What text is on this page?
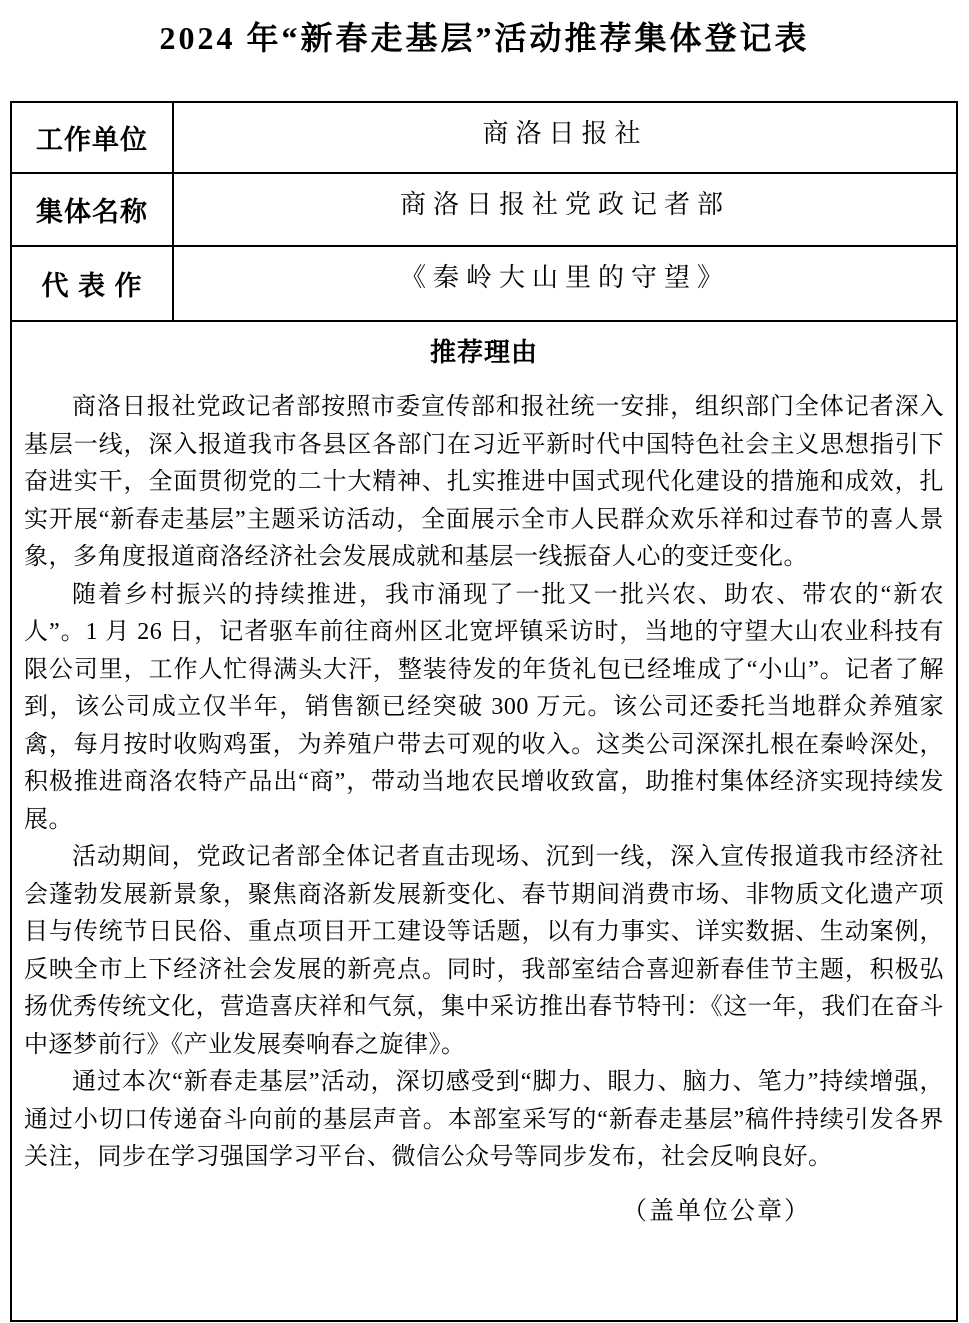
2024 年“新春走基层”活动推荐集体登记表
工作单位	商洛日报社
集体名称	商洛日报社党政记者部
代 表 作	《秦岭大山里的守望》

推荐理由

商洛日报社党政记者部按照市委宣传部和报社统一安排，组织部门全体记者深入基层一线，深入报道我市各县区各部门在习近平新时代中国特色社会主义思想指引下奋进实干，全面贯彻党的二十大精神、扎实推进中国式现代化建设的措施和成效，扎实开展“新春走基层”主题采访活动，全面展示全市人民群众欢乐祥和过春节的喜人景象，多角度报道商洛经济社会发展成就和基层一线振奋人心的变迁变化。

随着乡村振兴的持续推进，我市涌现了一批又一批兴农、助农、带农的“新农人”。1 月 26 日，记者驱车前往商州区北宽坪镇采访时，当地的守望大山农业科技有限公司里，工作人忙得满头大汗，整装待发的年货礼包已经堆成了“小山”。记者了解到，该公司成立仅半年，销售额已经突破 300 万元。该公司还委托当地群众养殖家禽，每月按时收购鸡蛋，为养殖户带去可观的收入。这类公司深深扎根在秦岭深处，积极推进商洛农特产品出“商”，带动当地农民增收致富，助推村集体经济实现持续发展。

活动期间，党政记者部全体记者直击现场、沉到一线，深入宣传报道我市经济社会蓬勃发展新景象，聚焦商洛新发展新变化、春节期间消费市场、非物质文化遗产项目与传统节日民俗、重点项目开工建设等话题，以有力事实、详实数据、生动案例，反映全市上下经济社会发展的新亮点。同时，我部室结合喜迎新春佳节主题，积极弘扬优秀传统文化，营造喜庆祥和气氛，集中采访推出春节特刊：《这一年，我们在奋斗中逐梦前行》《产业发展奏响春之旋律》。

通过本次“新春走基层”活动，深切感受到“脚力、眼力、脑力、笔力”持续增强，通过小切口传递奋斗向前的基层声音。本部室采写的“新春走基层”稿件持续引发各界关注，同步在学习强国学习平台、微信公众号等同步发布，社会反响良好。

（盖单位公章）
